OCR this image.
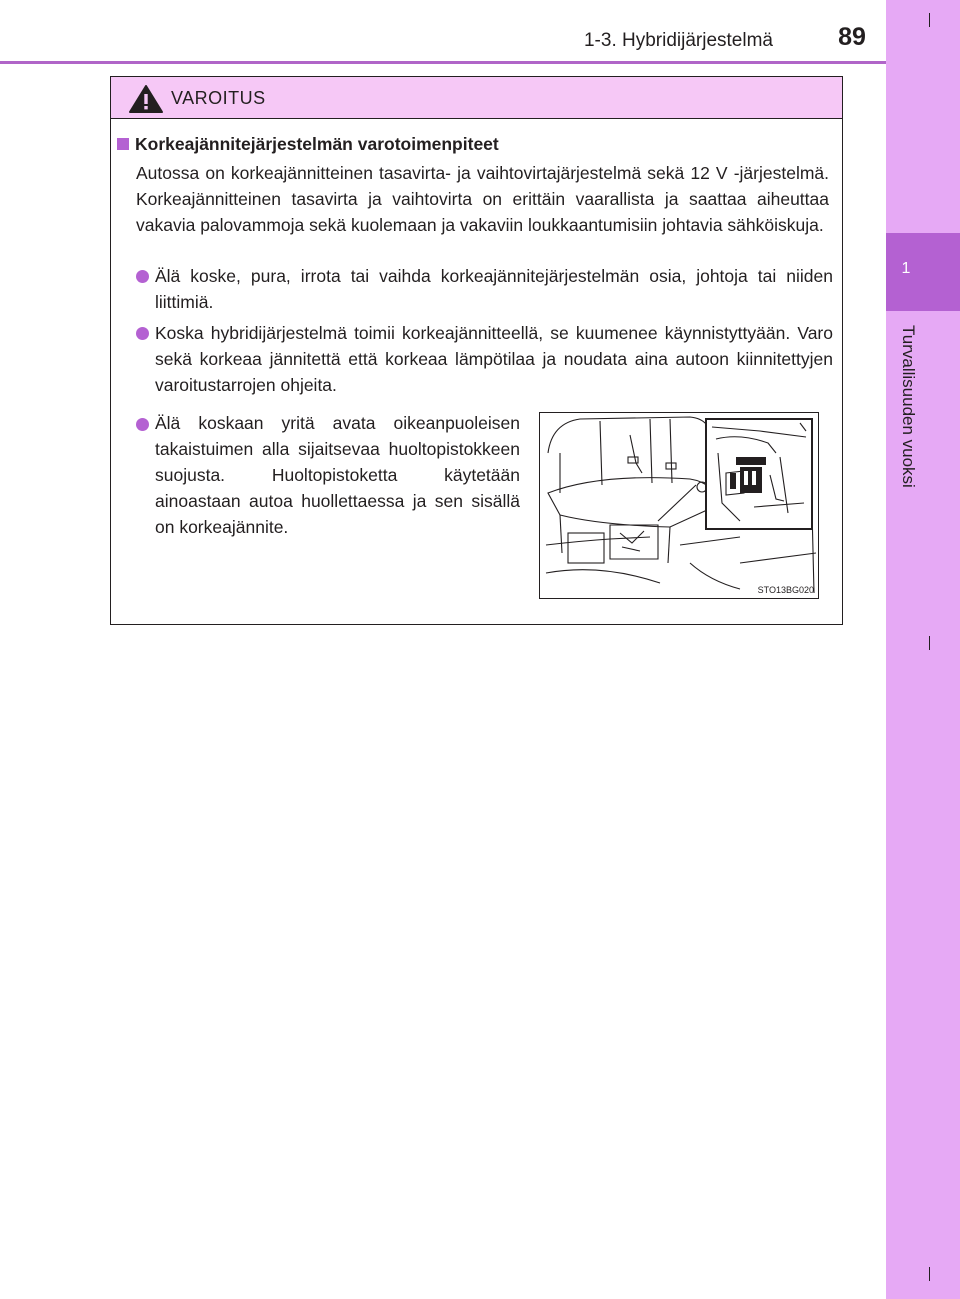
1-3. Hybridijärjestelmä	89
1
Turvallisuuden vuoksi
VAROITUS
Korkeajännitejärjestelmän varotoimenpiteet

Autossa on korkeajännitteinen tasavirta- ja vaihtovirtajärjestelmä sekä 12 V -järjestelmä. Korkeajännitteinen tasavirta ja vaihtovirta on erittäin vaarallista ja saattaa aiheuttaa vakavia palovammoja sekä kuolemaan ja vakaviin loukkaantumisiin johtavia sähköiskuja.

Älä koske, pura, irrota tai vaihda korkeajännitejärjestelmän osia, johtoja tai niiden liittimiä.

Koska hybridijärjestelmä toimii korkeajännitteellä, se kuumenee käynnistyttyään. Varo sekä korkeaa jännitettä että korkeaa lämpötilaa ja noudata aina autoon kiinnitettyjen varoitustarrojen ohjeita.

Älä koskaan yritä avata oikeanpuoleisen takaistuimen alla sijaitsevaa huoltopistokkeen suojusta. Huoltopistoketta käytetään ainoastaan autoa huollettaessa ja sen sisällä on korkeajännite.

STO13BG020
